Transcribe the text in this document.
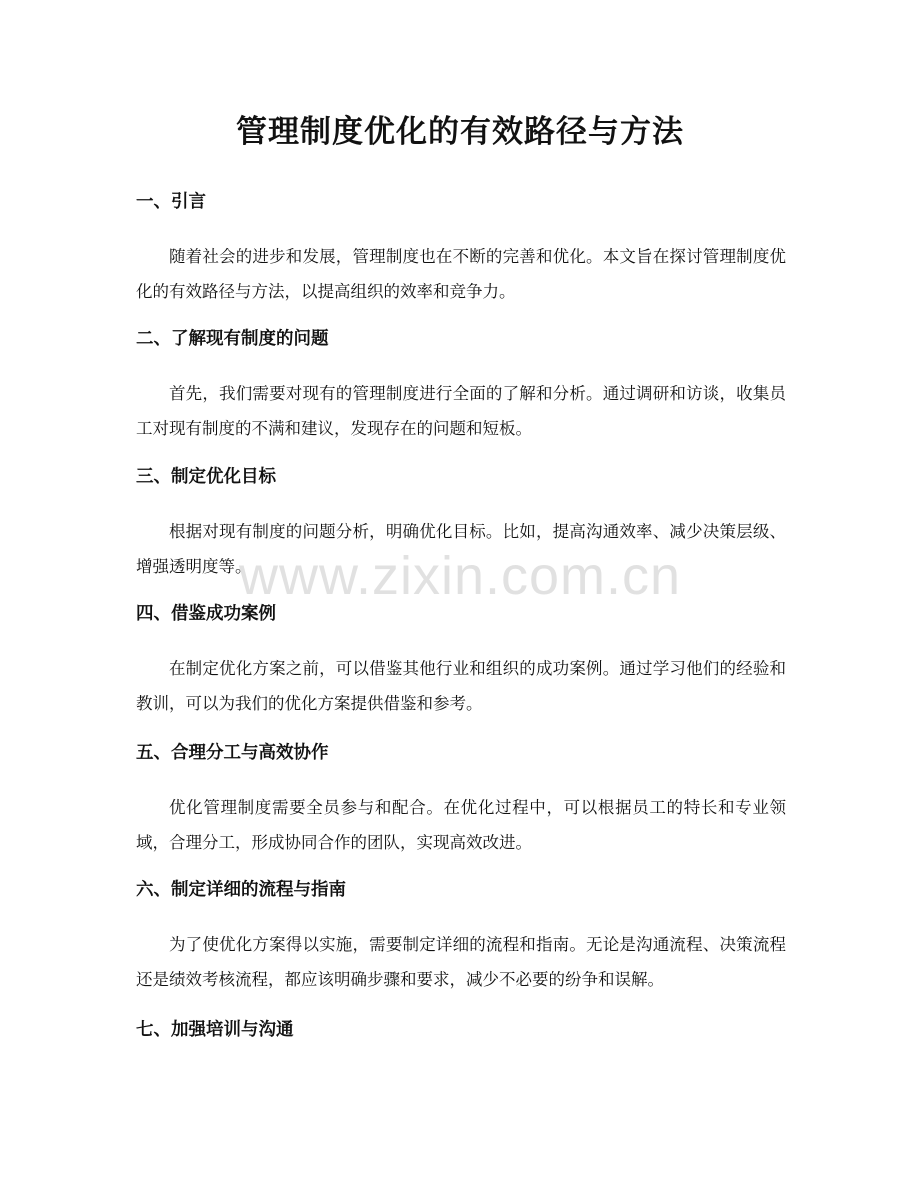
管理制度优化的有效路径与方法
一、引言

随着社会的进步和发展，管理制度也在不断的完善和优化。本文旨在探讨管理制度优化的有效路径与方法，以提高组织的效率和竞争力。

二、了解现有制度的问题

首先，我们需要对现有的管理制度进行全面的了解和分析。通过调研和访谈，收集员工对现有制度的不满和建议，发现存在的问题和短板。

三、制定优化目标

根据对现有制度的问题分析，明确优化目标。比如，提高沟通效率、减少决策层级、增强透明度等。

四、借鉴成功案例

在制定优化方案之前，可以借鉴其他行业和组织的成功案例。通过学习他们的经验和教训，可以为我们的优化方案提供借鉴和参考。

五、合理分工与高效协作

优化管理制度需要全员参与和配合。在优化过程中，可以根据员工的特长和专业领域，合理分工，形成协同合作的团队，实现高效改进。

六、制定详细的流程与指南

为了使优化方案得以实施，需要制定详细的流程和指南。无论是沟通流程、决策流程还是绩效考核流程，都应该明确步骤和要求，减少不必要的纷争和误解。

七、加强培训与沟通
www.zixin.com.cn
